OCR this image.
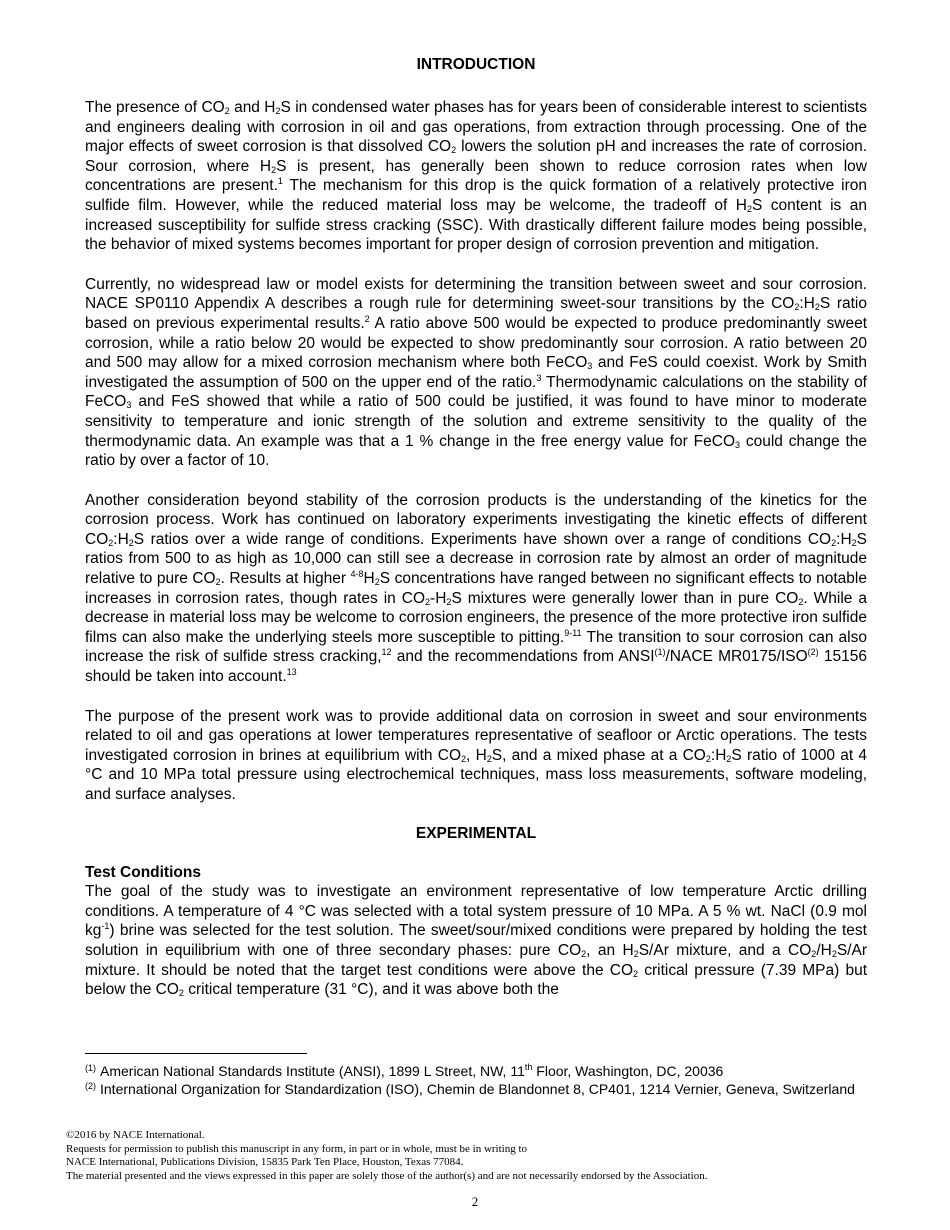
INTRODUCTION

The presence of $CO_2$ and $H_2S$ in condensed water phases has for years been of considerable interest to scientists and engineers dealing with corrosion in oil and gas operations, from extraction through processing. One of the major effects of sweet corrosion is that dissolved $CO_2$ lowers the solution pH and increases the rate of corrosion. Sour corrosion, where $H_2S$ is present, has generally been shown to reduce corrosion rates when low concentrations are present.$^1$ The mechanism for this drop is the quick formation of a relatively protective iron sulfide film. However, while the reduced material loss may be welcome, the tradeoff of $H_2S$ content is an increased susceptibility for sulfide stress cracking (SSC). With drastically different failure modes being possible, the behavior of mixed systems becomes important for proper design of corrosion prevention and mitigation.

Currently, no widespread law or model exists for determining the transition between sweet and sour corrosion. NACE SP0110 Appendix A describes a rough rule for determining sweet-sour transitions by the $CO_2:H_2S$ ratio based on previous experimental results.$^2$ A ratio above 500 would be expected to produce predominantly sweet corrosion, while a ratio below 20 would be expected to show predominantly sour corrosion. A ratio between 20 and 500 may allow for a mixed corrosion mechanism where both FeCO$_3$ and FeS could coexist. Work by Smith investigated the assumption of 500 on the upper end of the ratio.$^3$ Thermodynamic calculations on the stability of FeCO$_3$ and FeS showed that while a ratio of 500 could be justified, it was found to have minor to moderate sensitivity to temperature and ionic strength of the solution and extreme sensitivity to the quality of the thermodynamic data. An example was that a 1 % change in the free energy value for FeCO$_3$ could change the ratio by over a factor of 10.

Another consideration beyond stability of the corrosion products is the understanding of the kinetics for the corrosion process. Work has continued on laboratory experiments investigating the kinetic effects of different $CO_2:H_2S$ ratios over a wide range of conditions. Experiments have shown over a range of conditions $CO_2:H_2S$ ratios from 500 to as high as 10,000 can still see a decrease in corrosion rate by almost an order of magnitude relative to pure $CO_2$. Results at higher $^{4-8}H_2S$ concentrations have ranged between no significant effects to notable increases in corrosion rates, though rates in $CO_2-H_2S$ mixtures were generally lower than in pure $CO_2$. While a decrease in material loss may be welcome to corrosion engineers, the presence of the more protective iron sulfide films can also make the underlying steels more susceptible to pitting.$^{9-11}$ The transition to sour corrosion can also increase the risk of sulfide stress cracking,$^{12}$ and the recommendations from ANSI$^{(1)}$/NACE MR0175/ISO$^{(2)}$ 15156 should be taken into account.$^{13}$

The purpose of the present work was to provide additional data on corrosion in sweet and sour environments related to oil and gas operations at lower temperatures representative of seafloor or Arctic operations. The tests investigated corrosion in brines at equilibrium with $CO_2$, $H_2S$, and a mixed phase at a $CO_2:H_2S$ ratio of 1000 at 4 °C and 10 MPa total pressure using electrochemical techniques, mass loss measurements, software modeling, and surface analyses.

EXPERIMENTAL
Test Conditions

The goal of the study was to investigate an environment representative of low temperature Arctic drilling conditions. A temperature of 4 °C was selected with a total system pressure of 10 MPa. A 5 % wt. NaCl (0.9 mol $kg^{-1}$) brine was selected for the test solution. The sweet/sour/mixed conditions were prepared by holding the test solution in equilibrium with one of three secondary phases: pure $CO_2$, an $H_2S/Ar$ mixture, and a $CO_2/H_2S/Ar$ mixture. It should be noted that the target test conditions were above the $CO_2$ critical pressure (7.39 MPa) but below the $CO_2$ critical temperature (31 °C), and it was above both the

$^{(1)}$ American National Standards Institute (ANSI), 1899 L Street, NW, 11th Floor, Washington, DC, 20036
$^{(2)}$ International Organization for Standardization (ISO), Chemin de Blandonnet 8, CP401, 1214 Vernier, Geneva, Switzerland
©2016 by NACE International.
Requests for permission to publish this manuscript in any form, in part or in whole, must be in writing to
NACE International, Publications Division, 15835 Park Ten Place, Houston, Texas 77084.
The material presented and the views expressed in this paper are solely those of the author(s) and are not necessarily endorsed by the Association.
2
